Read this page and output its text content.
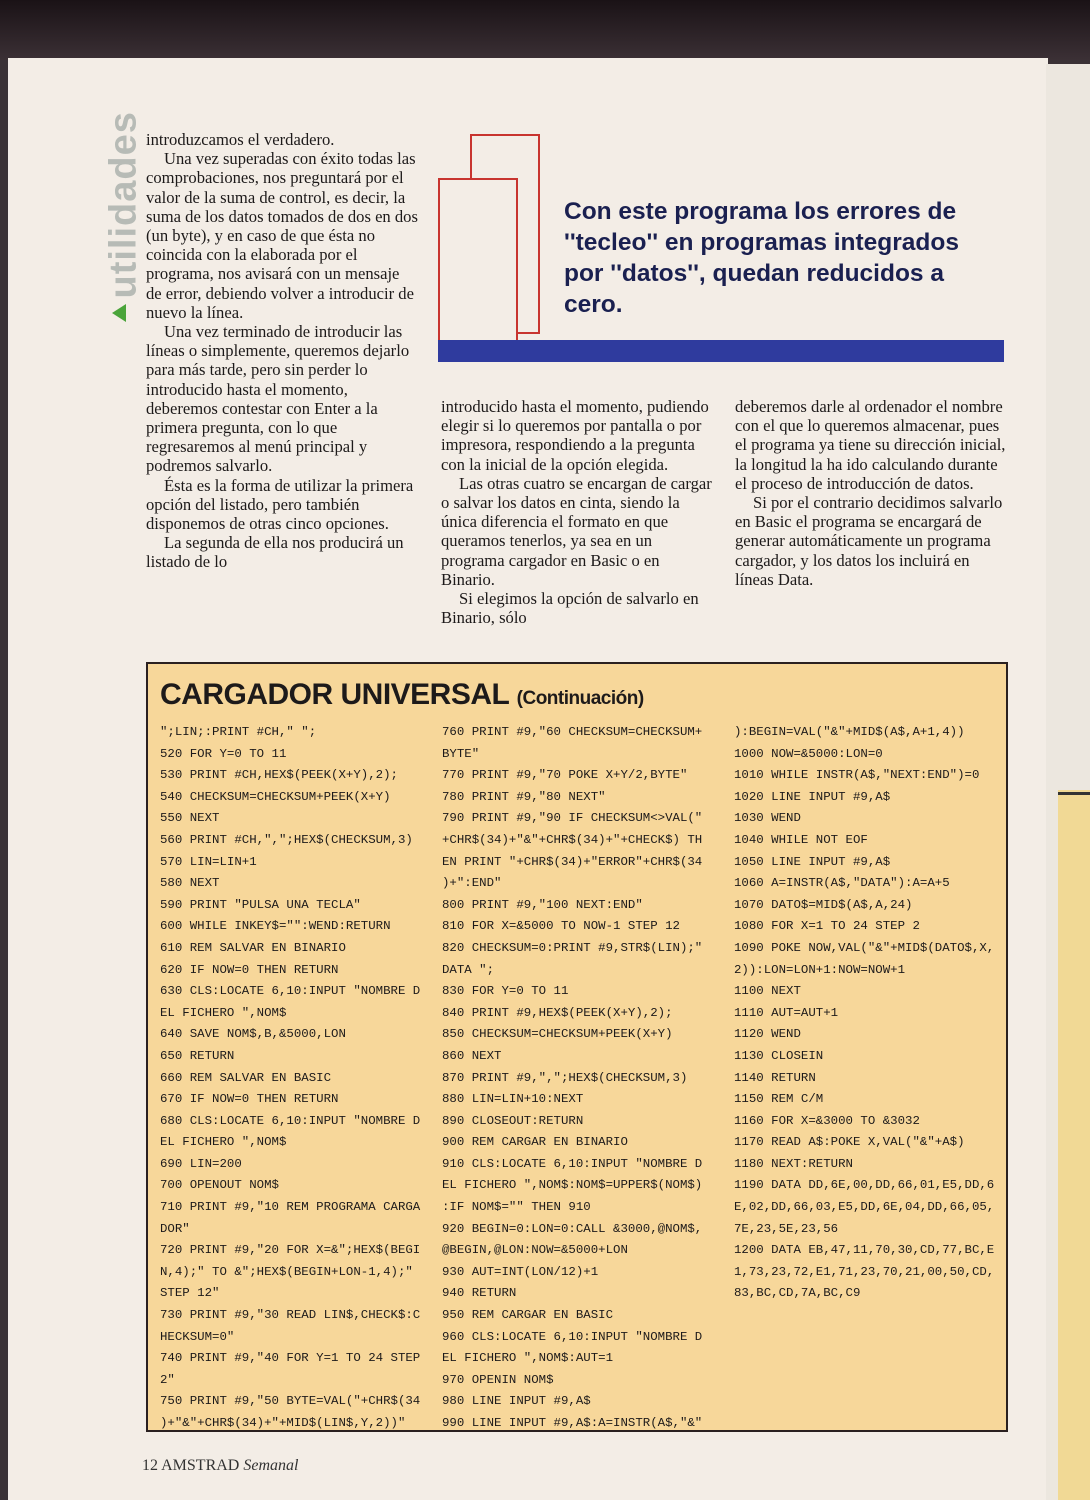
utilidades introduzcamos el verdadero.

Una vez superadas con éxito todas las comprobaciones, nos preguntará por el valor de la suma de control, es decir, la suma de los datos tomados de dos en dos (un byte), y en caso de que ésta no coincida con la elaborada por el programa, nos avisará con un mensaje de error, debiendo volver a introducir de nuevo la línea.

Una vez terminado de introducir las líneas o simplemente, queremos dejarlo para más tarde, pero sin perder lo introducido hasta el momento, deberemos contestar con Enter a la primera pregunta, con lo que regresaremos al menú principal y podremos salvarlo.

Ésta es la forma de utilizar la primera opción del listado, pero también disponemos de otras cinco opciones.

La segunda de ella nos producirá un listado de lo

Con este programa los errores de ''tecleo'' en programas integrados por ''datos'', quedan reducidos a cero.

introducido hasta el momento, pudiendo elegir si lo queremos por pantalla o por impresora, respondiendo a la pregunta con la inicial de la opción elegida.

Las otras cuatro se encargan de cargar o salvar los datos en cinta, siendo la única diferencia el formato en que queramos tenerlos, ya sea en un programa cargador en Basic o en Binario.

Si elegimos la opción de salvarlo en Binario, sólo

deberemos darle al ordenador el nombre con el que lo queremos almacenar, pues el programa ya tiene su dirección inicial, la longitud la ha ido calculando durante el proceso de introducción de datos.

Si por el contrario decidimos salvarlo en Basic el programa se encargará de generar automáticamente un programa cargador, y los datos los incluirá en líneas Data.

CARGADOR UNIVERSAL (Continuación)
";LIN;:PRINT #CH," ";
520 FOR Y=0 TO 11
530 PRINT #CH,HEX$(PEEK(X+Y),2);
540 CHECKSUM=CHECKSUM+PEEK(X+Y)
550 NEXT
560 PRINT #CH,",";HEX$(CHECKSUM,3)
570 LIN=LIN+1
580 NEXT
590 PRINT "PULSA UNA TECLA"
600 WHILE INKEY$="":WEND:RETURN
610 REM SALVAR EN BINARIO
620 IF NOW=0 THEN RETURN
630 CLS:LOCATE 6,10:INPUT "NOMBRE D
EL FICHERO ",NOM$
640 SAVE NOM$,B,&5000,LON
650 RETURN
660 REM SALVAR EN BASIC
670 IF NOW=0 THEN RETURN
680 CLS:LOCATE 6,10:INPUT "NOMBRE D
EL FICHERO ",NOM$
690 LIN=200
700 OPENOUT NOM$
710 PRINT #9,"10 REM PROGRAMA CARGA
DOR"
720 PRINT #9,"20 FOR X=&";HEX$(BEGI
N,4);" TO &";HEX$(BEGIN+LON-1,4);"
STEP 12"
730 PRINT #9,"30 READ LIN$,CHECK$:C
HECKSUM=0"
740 PRINT #9,"40 FOR Y=1 TO 24 STEP
2"
750 PRINT #9,"50 BYTE=VAL("+CHR$(34
)+"&"+CHR$(34)+"+MID$(LIN$,Y,2))"
760 PRINT #9,"60 CHECKSUM=CHECKSUM+
BYTE"
770 PRINT #9,"70 POKE X+Y/2,BYTE"
780 PRINT #9,"80 NEXT"
790 PRINT #9,"90 IF CHECKSUM<>VAL("
+CHR$(34)+"&"+CHR$(34)+"+CHECK$) TH
EN PRINT "+CHR$(34)+"ERROR"+CHR$(34
)+":END"
800 PRINT #9,"100 NEXT:END"
810 FOR X=&5000 TO NOW-1 STEP 12
820 CHECKSUM=0:PRINT #9,STR$(LIN);"
DATA ";
830 FOR Y=0 TO 11
840 PRINT #9,HEX$(PEEK(X+Y),2);
850 CHECKSUM=CHECKSUM+PEEK(X+Y)
860 NEXT
870 PRINT #9,",";HEX$(CHECKSUM,3)
880 LIN=LIN+10:NEXT
890 CLOSEOUT:RETURN
900 REM CARGAR EN BINARIO
910 CLS:LOCATE 6,10:INPUT "NOMBRE D
EL FICHERO ",NOM$:NOM$=UPPER$(NOM$)
:IF NOM$="" THEN 910
920 BEGIN=0:LON=0:CALL &3000,@NOM$,
@BEGIN,@LON:NOW=&5000+LON
930 AUT=INT(LON/12)+1
940 RETURN
950 REM CARGAR EN BASIC
960 CLS:LOCATE 6,10:INPUT "NOMBRE D
EL FICHERO ",NOM$:AUT=1
970 OPENIN NOM$
980 LINE INPUT #9,A$
990 LINE INPUT #9,A$:A=INSTR(A$,"&"
):BEGIN=VAL("&"+MID$(A$,A+1,4))
1000 NOW=&5000:LON=0
1010 WHILE INSTR(A$,"NEXT:END")=0
1020 LINE INPUT #9,A$
1030 WEND
1040 WHILE NOT EOF
1050 LINE INPUT #9,A$
1060 A=INSTR(A$,"DATA"):A=A+5
1070 DATO$=MID$(A$,A,24)
1080 FOR X=1 TO 24 STEP 2
1090 POKE NOW,VAL("&"+MID$(DATO$,X,
2)):LON=LON+1:NOW=NOW+1
1100 NEXT
1110 AUT=AUT+1
1120 WEND
1130 CLOSEIN
1140 RETURN
1150 REM C/M
1160 FOR X=&3000 TO &3032
1170 READ A$:POKE X,VAL("&"+A$)
1180 NEXT:RETURN
1190 DATA DD,6E,00,DD,66,01,E5,DD,6
E,02,DD,66,03,E5,DD,6E,04,DD,66,05,
7E,23,5E,23,56
1200 DATA EB,47,11,70,30,CD,77,BC,E
1,73,23,72,E1,71,23,70,21,00,50,CD,
83,BC,CD,7A,BC,C9
12 AMSTRAD Semanal
